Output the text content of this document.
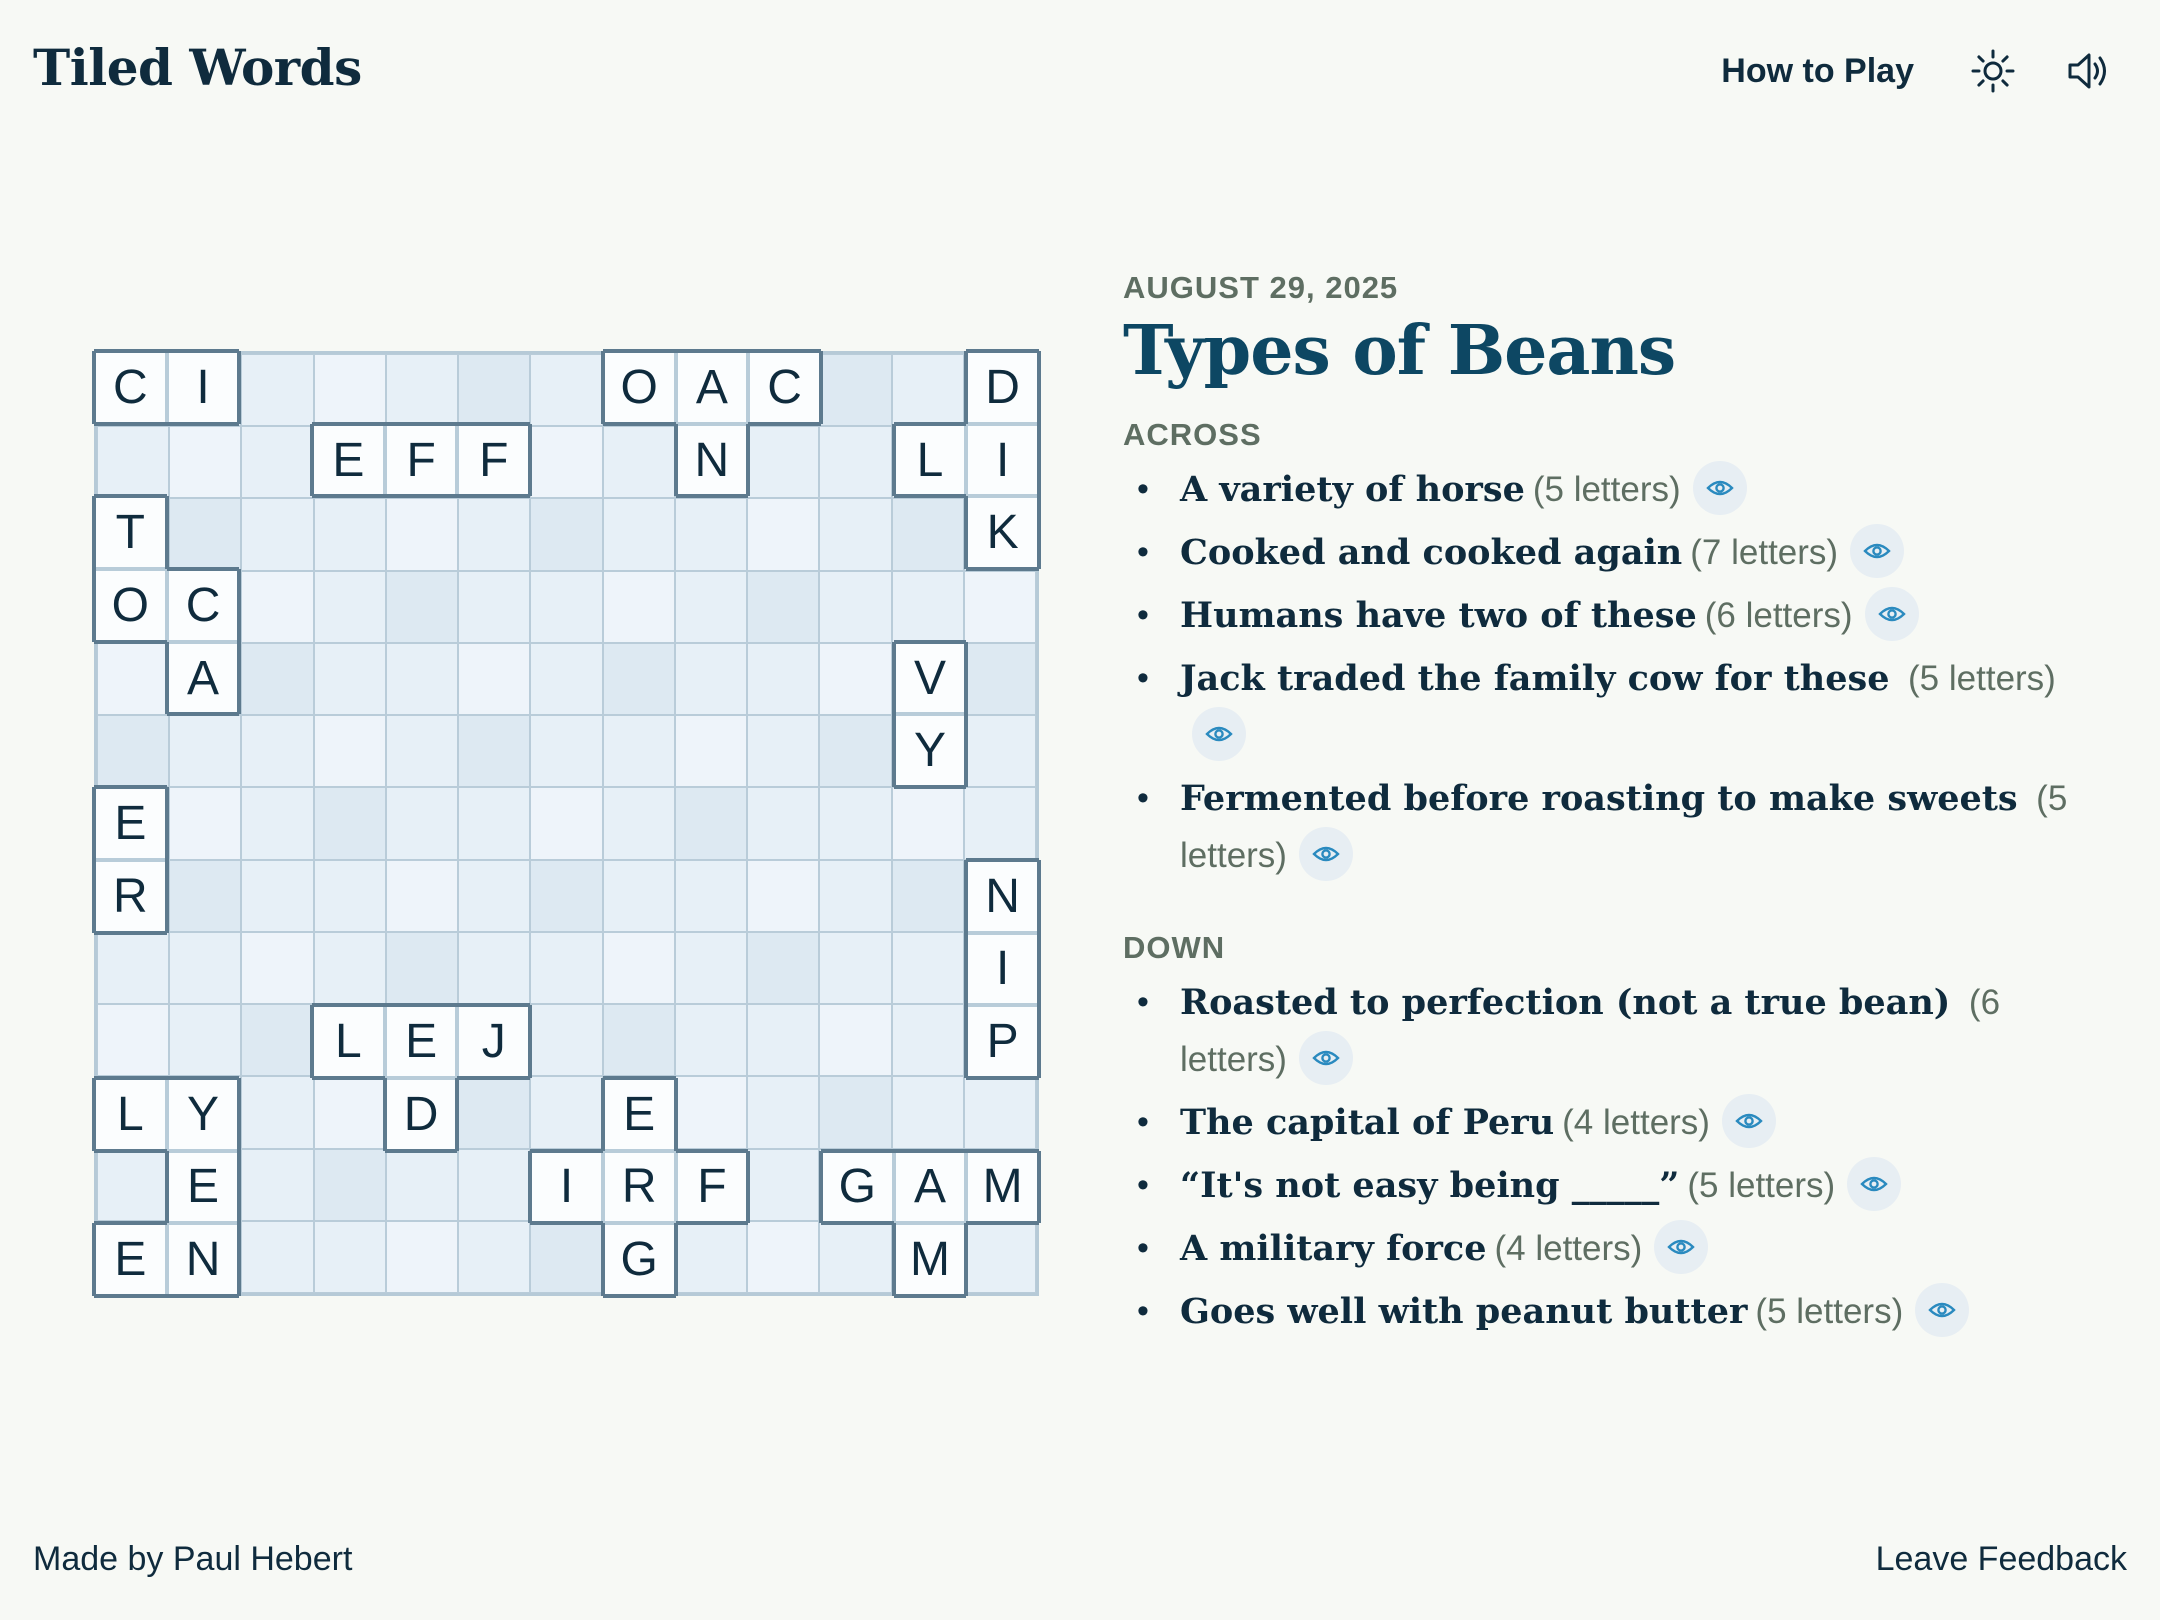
Tiled Words	How to Play
C	I	O A C
N
D
L	I
K
E F F
T
O C
A	V
Y
E
R	N
I
P
L E J
D
L Y
E
E N
E
I	R F
G
G A M
M
AUGUST 29, 2025
Types of Beans
ACROSS
• A variety of horse (5 letters)
• Cooked and cooked again (7 letters)
• Humans have two of these (6 letters)
• Jack traded the family cow for these (5 letters)
• Fermented before roasting to make sweets (5 letters)
DOWN
• Roasted to perfection (not a true bean) (6 letters)
• The capital of Peru (4 letters)
• “It's not easy being _____” (5 letters)
• A military force (4 letters)
• Goes well with peanut butter (5 letters)
Made by Paul Hebert	Leave Feedback
